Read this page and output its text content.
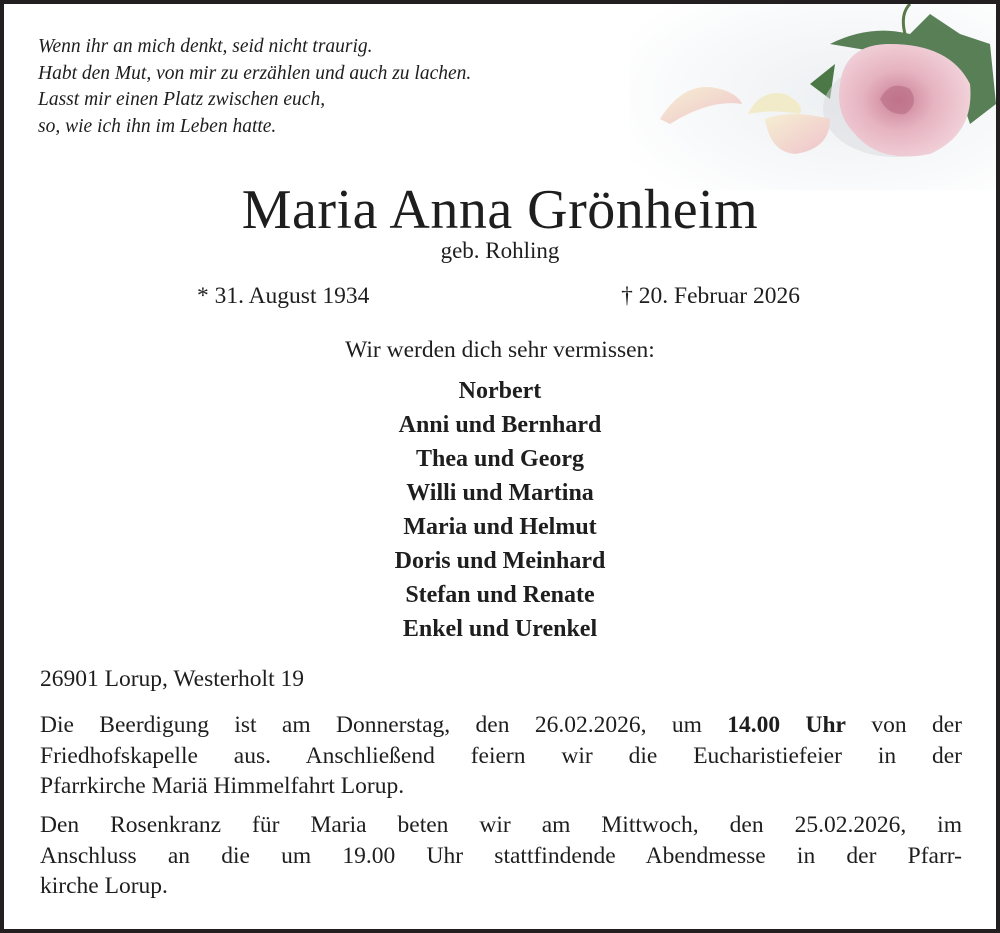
Wenn ihr an mich denkt, seid nicht traurig.
Habt den Mut, von mir zu erzählen und auch zu lachen.
Lasst mir einen Platz zwischen euch,
so, wie ich ihn im Leben hatte.
Maria Anna Grönheim
geb. Rohling
* 31. August 1934	† 20. Februar 2026
Wir werden dich sehr vermissen:
Norbert
Anni und Bernhard
Thea und Georg
Willi und Martina
Maria und Helmut
Doris und Meinhard
Stefan und Renate
Enkel und Urenkel
26901 Lorup, Westerholt 19
Die Beerdigung ist am Donnerstag, den 26.02.2026, um 14.00 Uhr von der
Friedhofskapelle aus. Anschließend feiern wir die Eucharistiefeier in der
Pfarrkirche Mariä Himmelfahrt Lorup.
Den Rosenkranz für Maria beten wir am Mittwoch, den 25.02.2026, im
Anschluss an die um 19.00 Uhr stattfindende Abendmesse in der Pfarr-
kirche Lorup.
